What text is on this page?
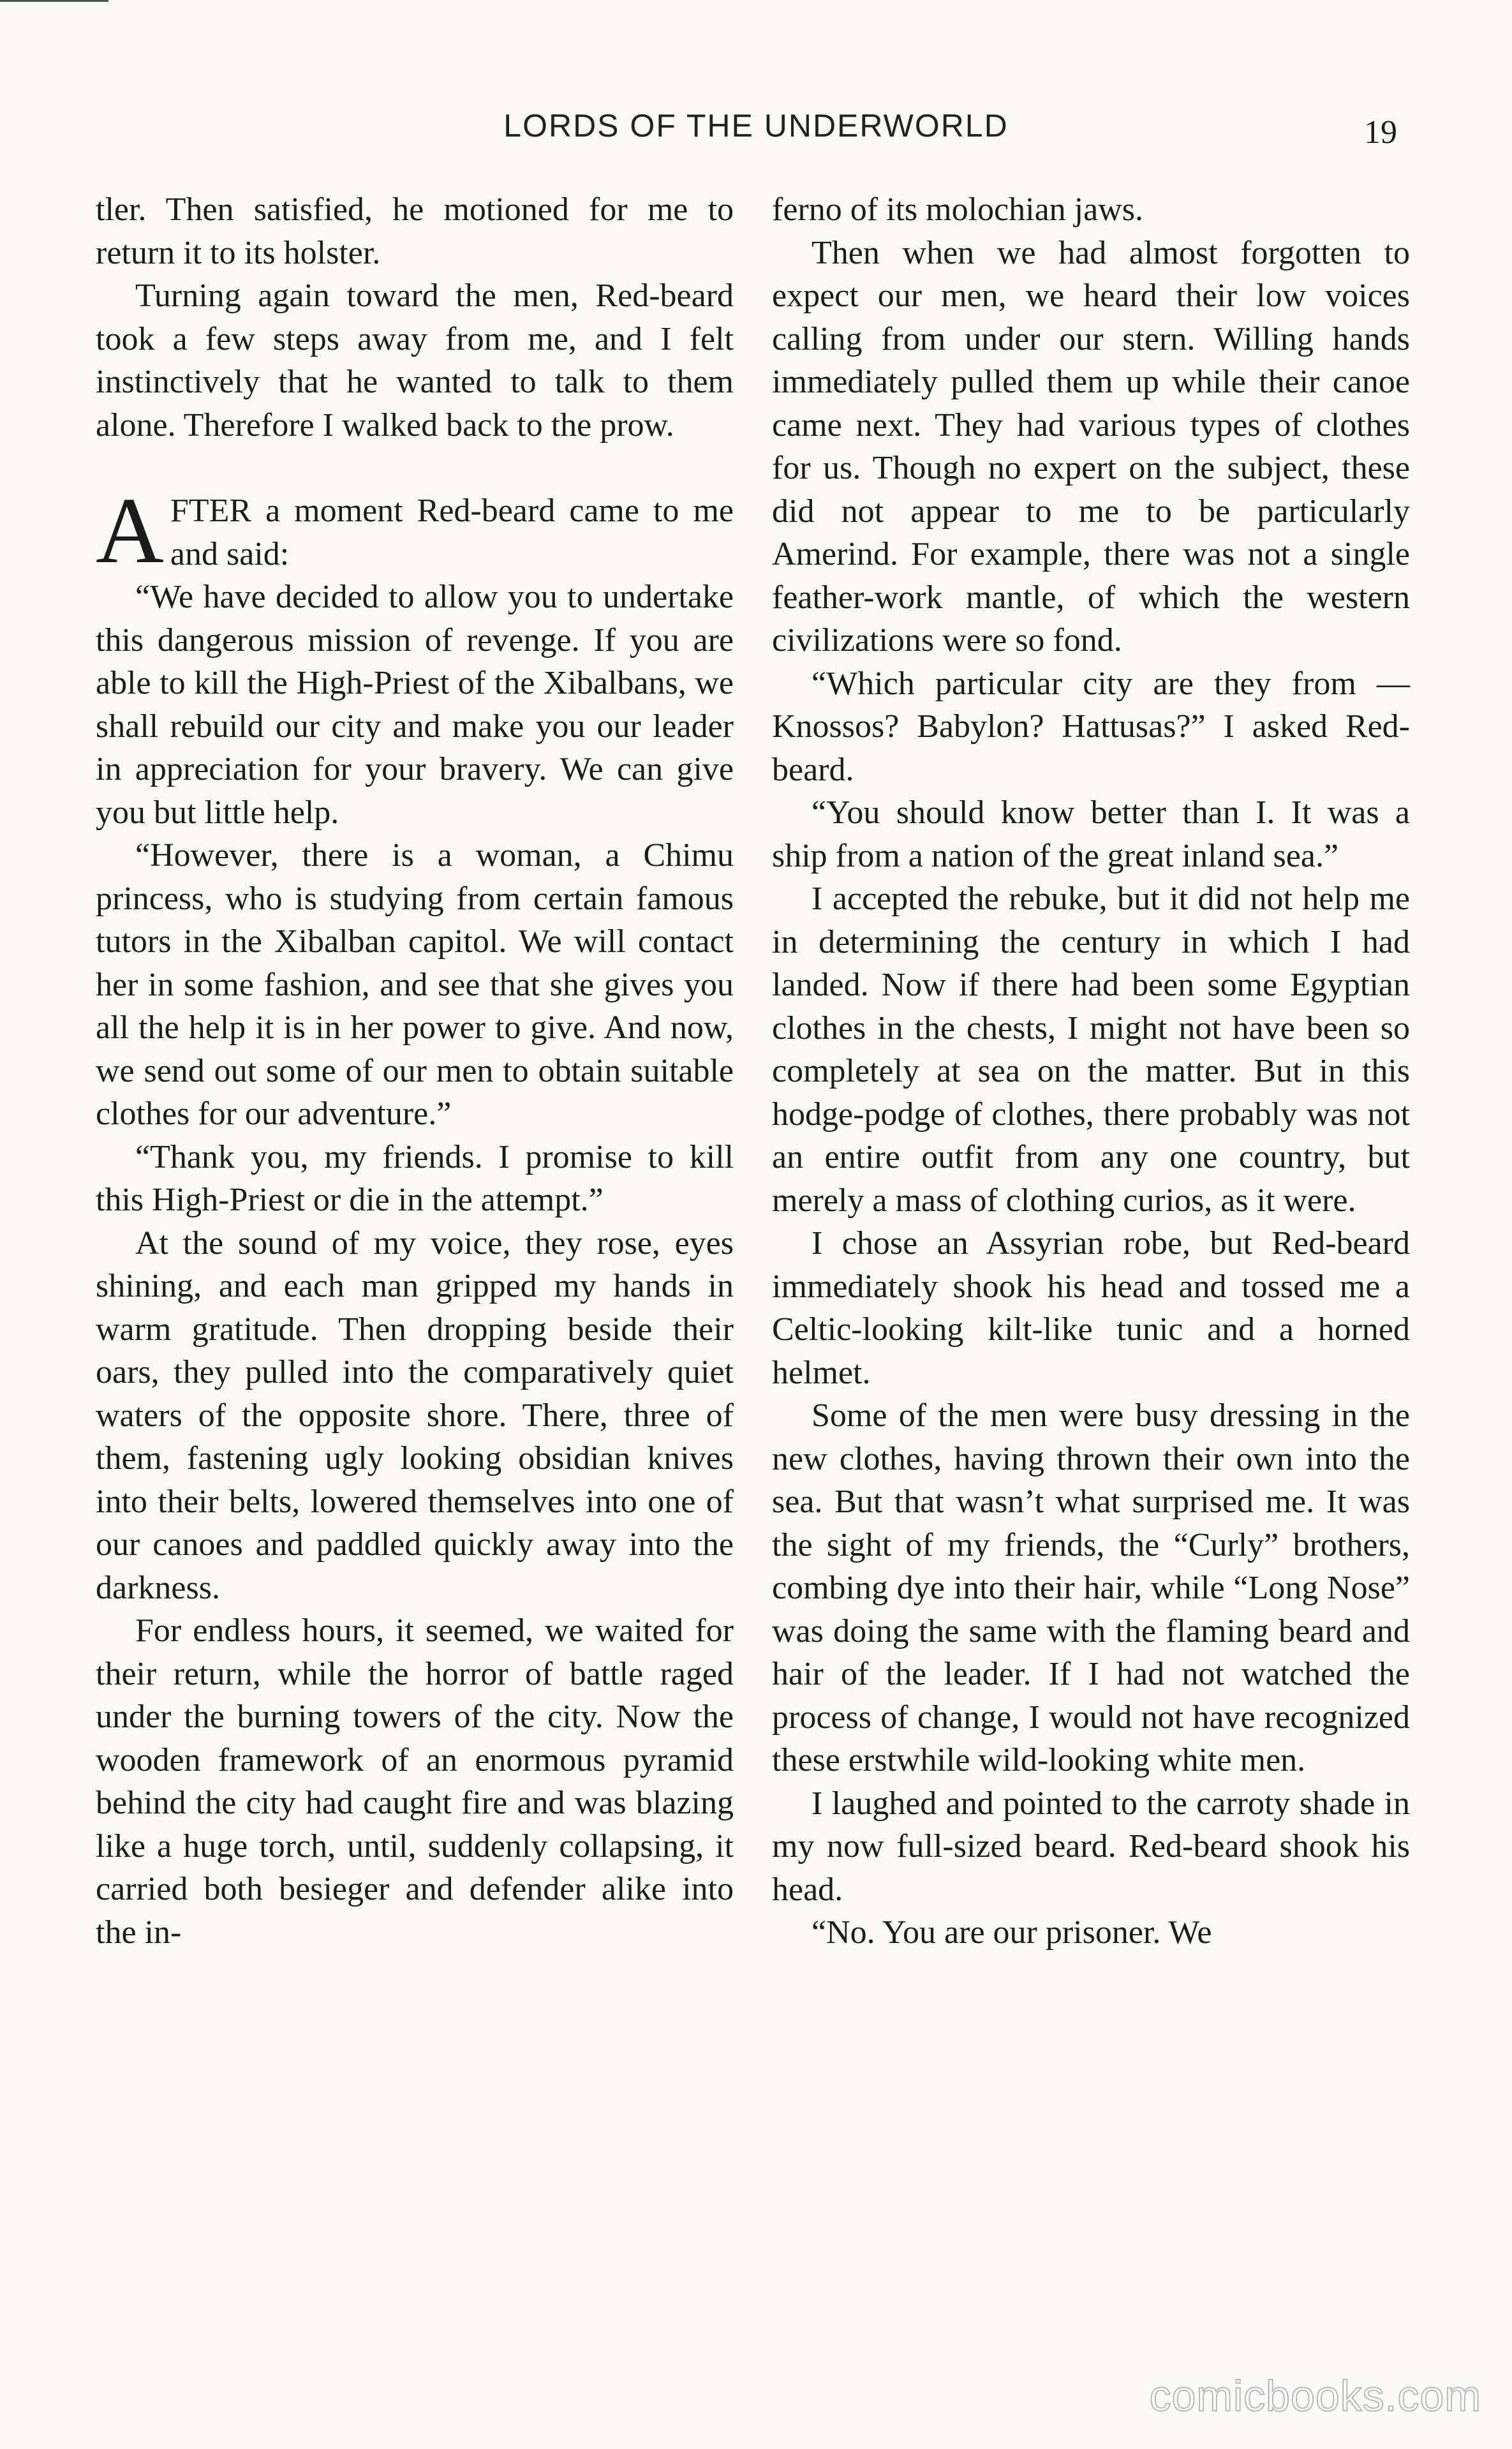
LORDS OF THE UNDERWORLD	19

tler. Then satisfied, he motioned for me to return it to its holster.

Turning again toward the men, Red-beard took a few steps away from me, and I felt instinctively that he wanted to talk to them alone. Therefore I walked back to the prow.

AFTER a moment Red-beard came to me and said:

“We have decided to allow you to undertake this dangerous mission of revenge. If you are able to kill the High-Priest of the Xibalbans, we shall rebuild our city and make you our leader in appreciation for your bravery. We can give you but little help.

“However, there is a woman, a Chimu princess, who is studying from certain famous tutors in the Xibalban capitol. We will contact her in some fashion, and see that she gives you all the help it is in her power to give. And now, we send out some of our men to obtain suitable clothes for our adventure.”

“Thank you, my friends. I promise to kill this High-Priest or die in the attempt.”

At the sound of my voice, they rose, eyes shining, and each man gripped my hands in warm gratitude. Then dropping beside their oars, they pulled into the comparatively quiet waters of the opposite shore. There, three of them, fastening ugly looking obsidian knives into their belts, lowered themselves into one of our canoes and paddled quickly away into the darkness.

For endless hours, it seemed, we waited for their return, while the horror of battle raged under the burning towers of the city. Now the wooden framework of an enormous pyramid behind the city had caught fire and was blazing like a huge torch, until, suddenly collapsing, it carried both besieger and defender alike into the in-

ferno of its molochian jaws.

Then when we had almost forgotten to expect our men, we heard their low voices calling from under our stern. Willing hands immediately pulled them up while their canoe came next. They had various types of clothes for us. Though no expert on the subject, these did not appear to me to be particularly Amerind. For example, there was not a single feather-work mantle, of which the western civilizations were so fond.

“Which particular city are they from —Knossos? Babylon? Hattusas?” I asked Red-beard.

“You should know better than I. It was a ship from a nation of the great inland sea.”

I accepted the rebuke, but it did not help me in determining the century in which I had landed. Now if there had been some Egyptian clothes in the chests, I might not have been so completely at sea on the matter. But in this hodge-podge of clothes, there probably was not an entire outfit from any one country, but merely a mass of clothing curios, as it were.

I chose an Assyrian robe, but Red-beard immediately shook his head and tossed me a Celtic-looking kilt-like tunic and a horned helmet.

Some of the men were busy dressing in the new clothes, having thrown their own into the sea. But that wasn’t what surprised me. It was the sight of my friends, the “Curly” brothers, combing dye into their hair, while “Long Nose” was doing the same with the flaming beard and hair of the leader. If I had not watched the process of change, I would not have recognized these erstwhile wild-looking white men.

I laughed and pointed to the carroty shade in my now full-sized beard. Red-beard shook his head.

“No. You are our prisoner. We

comicbooks.com
